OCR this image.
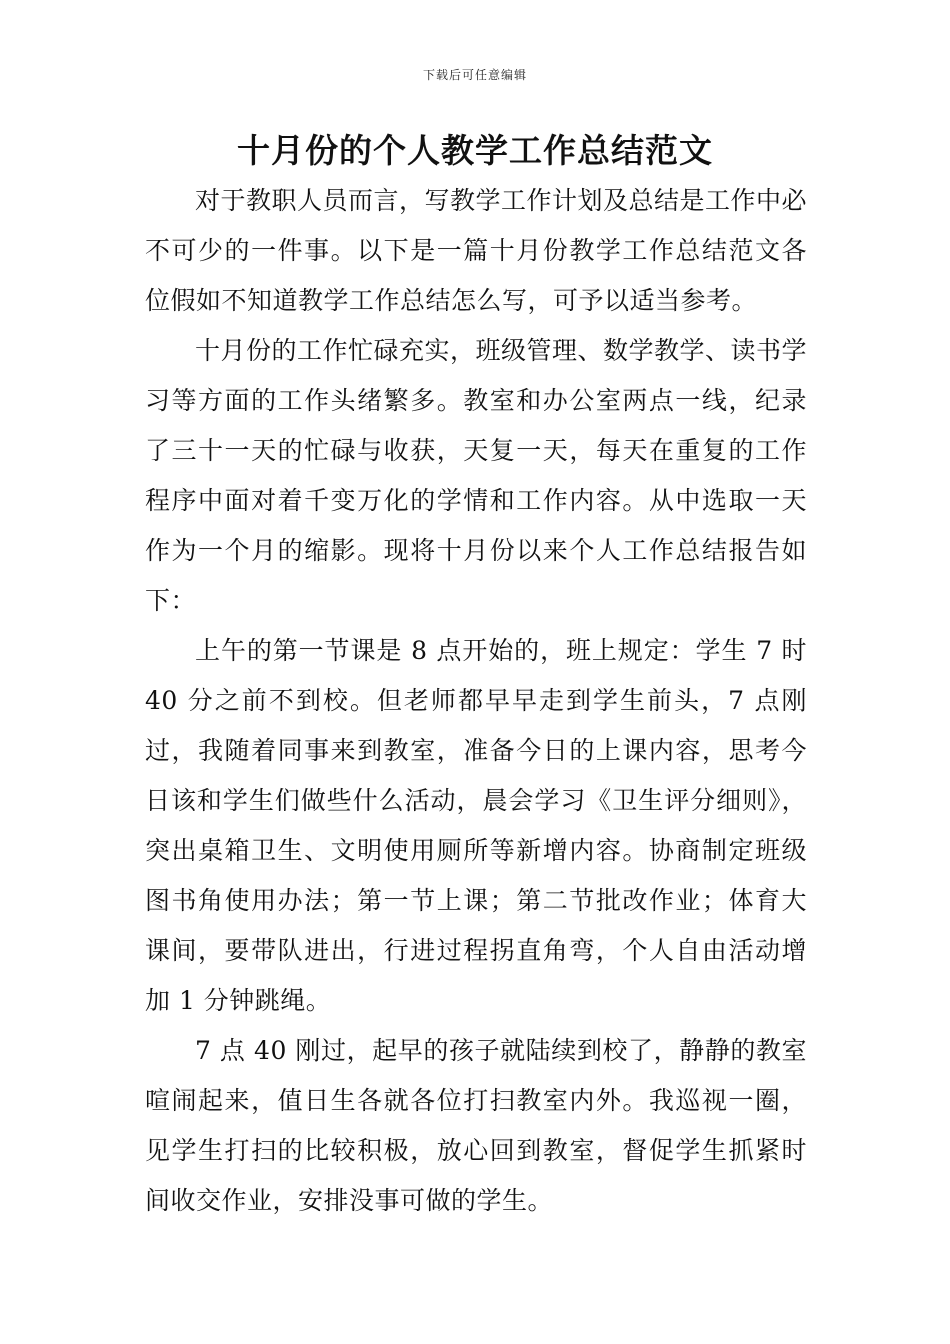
下载后可任意编辑
十月份的个人教学工作总结范文

对于教职人员而言，写教学工作计划及总结是工作中必不可少的一件事。以下是一篇十月份教学工作总结范文各位假如不知道教学工作总结怎么写，可予以适当参考。

十月份的工作忙碌充实，班级管理、数学教学、读书学习等方面的工作头绪繁多。教室和办公室两点一线，纪录了三十一天的忙碌与收获，天复一天，每天在重复的工作程序中面对着千变万化的学情和工作内容。从中选取一天作为一个月的缩影。现将十月份以来个人工作总结报告如下：

上午的第一节课是 8 点开始的，班上规定：学生 7 时 40 分之前不到校。但老师都早早走到学生前头，7 点刚过，我随着同事来到教室，准备今日的上课内容，思考今日该和学生们做些什么活动，晨会学习《卫生评分细则》，突出桌箱卫生、文明使用厕所等新增内容。协商制定班级图书角使用办法；第一节上课；第二节批改作业；体育大课间，要带队进出，行进过程拐直角弯，个人自由活动增加 1 分钟跳绳。

7 点 40 刚过，起早的孩子就陆续到校了，静静的教室喧闹起来，值日生各就各位打扫教室内外。我巡视一圈，见学生打扫的比较积极，放心回到教室，督促学生抓紧时间收交作业，安排没事可做的学生。
